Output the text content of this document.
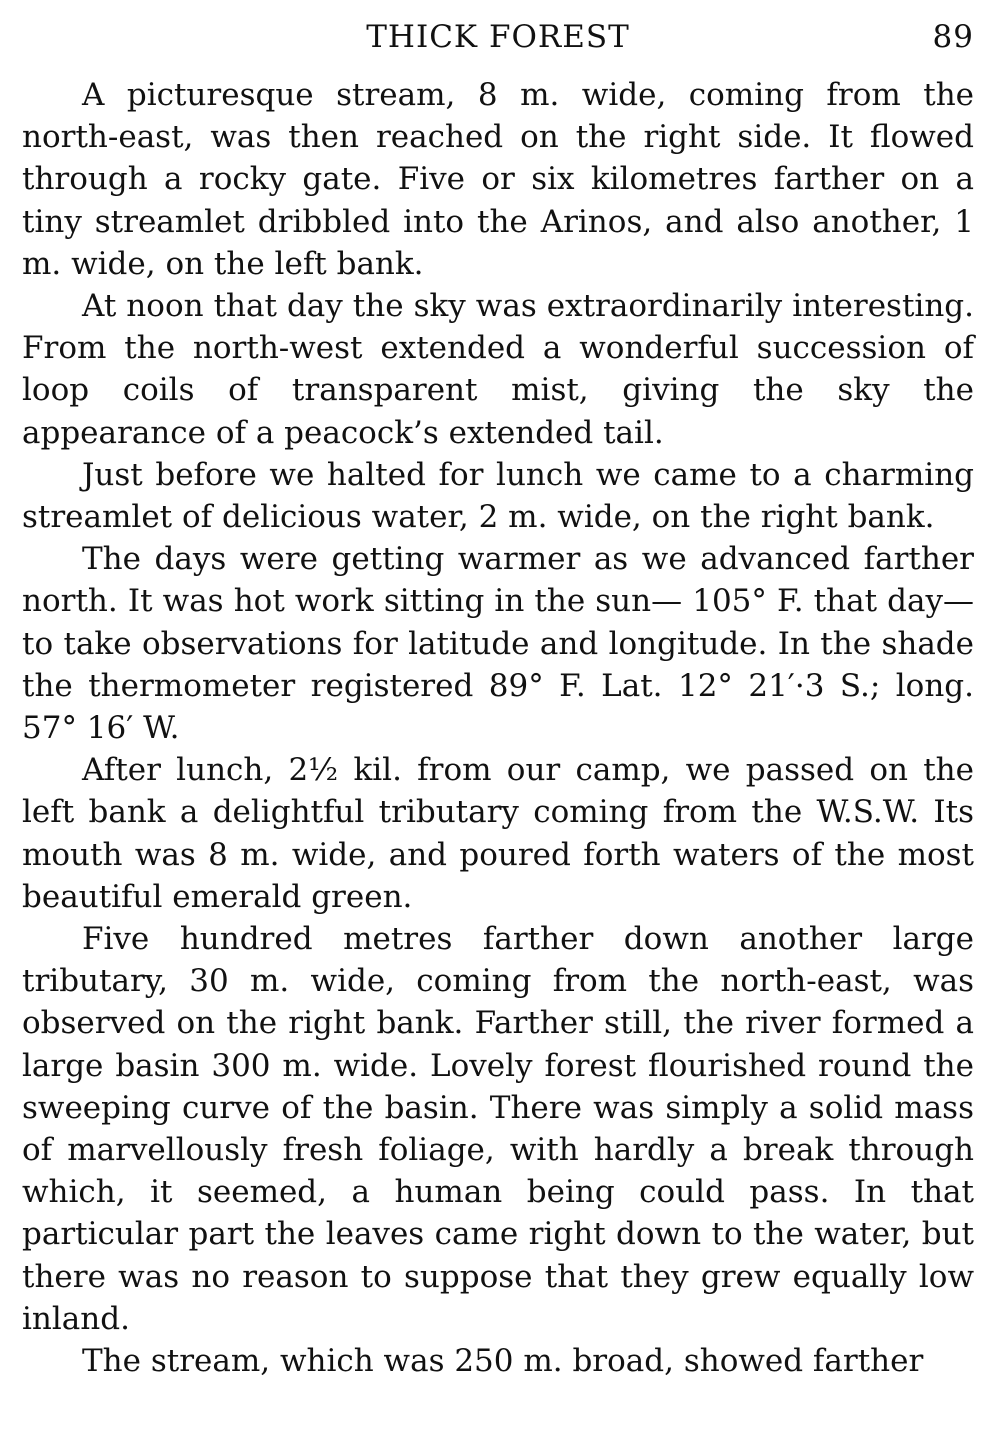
THICK FOREST	89

A picturesque stream, 8 m. wide, coming from the north-east, was then reached on the right side. It flowed through a rocky gate. Five or six kilometres farther on a tiny streamlet dribbled into the Arinos, and also another, 1 m. wide, on the left bank.

At noon that day the sky was extraordinarily interesting. From the north-west extended a wonderful succession of loop coils of transparent mist, giving the sky the appearance of a peacock’s extended tail.

Just before we halted for lunch we came to a charming streamlet of delicious water, 2 m. wide, on the right bank.

The days were getting warmer as we advanced farther north. It was hot work sitting in the sun— 105° F. that day—to take observations for latitude and longitude. In the shade the thermometer registered 89° F. Lat. 12° 21′·3 S.; long. 57° 16′ W.

After lunch, 2½ kil. from our camp, we passed on the left bank a delightful tributary coming from the W.S.W. Its mouth was 8 m. wide, and poured forth waters of the most beautiful emerald green.

Five hundred metres farther down another large tributary, 30 m. wide, coming from the north-east, was observed on the right bank. Farther still, the river formed a large basin 300 m. wide. Lovely forest flourished round the sweeping curve of the basin. There was simply a solid mass of marvellously fresh foliage, with hardly a break through which, it seemed, a human being could pass. In that particular part the leaves came right down to the water, but there was no reason to suppose that they grew equally low inland.

The stream, which was 250 m. broad, showed farther
